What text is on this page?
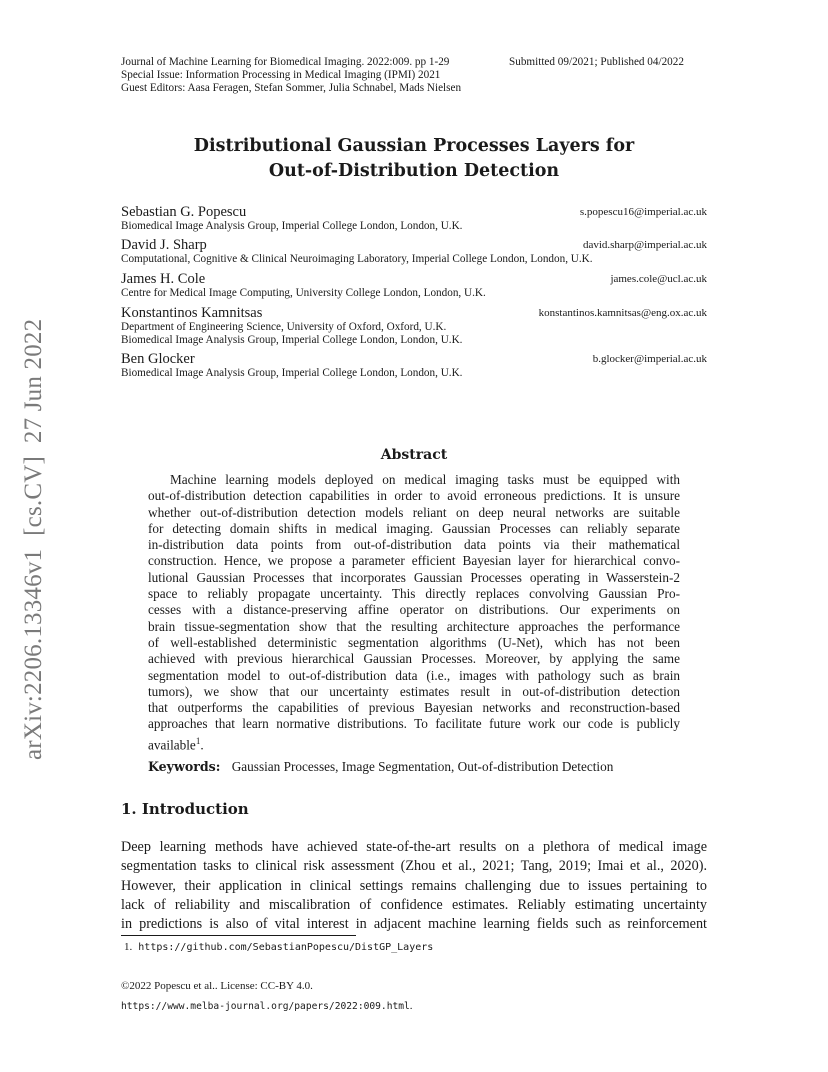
arXiv:2206.13346v1  [cs.CV]  27 Jun 2022
Journal of Machine Learning for Biomedical Imaging. 2022:009. pp 1-29	Submitted 09/2021; Published 04/2022
Special Issue: Information Processing in Medical Imaging (IPMI) 2021
Guest Editors: Aasa Feragen, Stefan Sommer, Julia Schnabel, Mads Nielsen
Distributional Gaussian Processes Layers for
Out-of-Distribution Detection
Sebastian G. Popescu	s.popescu16@imperial.ac.uk
Biomedical Image Analysis Group, Imperial College London, London, U.K.
David J. Sharp	david.sharp@imperial.ac.uk
Computational, Cognitive & Clinical Neuroimaging Laboratory, Imperial College London, London, U.K.
James H. Cole	james.cole@ucl.ac.uk
Centre for Medical Image Computing, University College London, London, U.K.
Konstantinos Kamnitsas	konstantinos.kamnitsas@eng.ox.ac.uk
Department of Engineering Science, University of Oxford, Oxford, U.K.
Biomedical Image Analysis Group, Imperial College London, London, U.K.
Ben Glocker	b.glocker@imperial.ac.uk
Biomedical Image Analysis Group, Imperial College London, London, U.K.
Abstract
Machine learning models deployed on medical imaging tasks must be equipped with
out-of-distribution detection capabilities in order to avoid erroneous predictions. It is unsure
whether out-of-distribution detection models reliant on deep neural networks are suitable
for detecting domain shifts in medical imaging. Gaussian Processes can reliably separate
in-distribution data points from out-of-distribution data points via their mathematical
construction. Hence, we propose a parameter efficient Bayesian layer for hierarchical convo-
lutional Gaussian Processes that incorporates Gaussian Processes operating in Wasserstein-2
space to reliably propagate uncertainty. This directly replaces convolving Gaussian Pro-
cesses with a distance-preserving affine operator on distributions. Our experiments on
brain tissue-segmentation show that the resulting architecture approaches the performance
of well-established deterministic segmentation algorithms (U-Net), which has not been
achieved with previous hierarchical Gaussian Processes. Moreover, by applying the same
segmentation model to out-of-distribution data (i.e., images with pathology such as brain
tumors), we show that our uncertainty estimates result in out-of-distribution detection
that outperforms the capabilities of previous Bayesian networks and reconstruction-based
approaches that learn normative distributions. To facilitate future work our code is publicly
available$^1$.
Keywords: Gaussian Processes, Image Segmentation, Out-of-distribution Detection
1. Introduction
Deep learning methods have achieved state-of-the-art results on a plethora of medical image
segmentation tasks to clinical risk assessment (Zhou et al., 2021; Tang, 2019; Imai et al., 2020).
However, their application in clinical settings remains challenging due to issues pertaining to
lack of reliability and miscalibration of confidence estimates. Reliably estimating uncertainty
in predictions is also of vital interest in adjacent machine learning fields such as reinforcement
1. https://github.com/SebastianPopescu/DistGP_Layers
©2022 Popescu et al.. License: CC-BY 4.0.
https://www.melba-journal.org/papers/2022:009.html.
